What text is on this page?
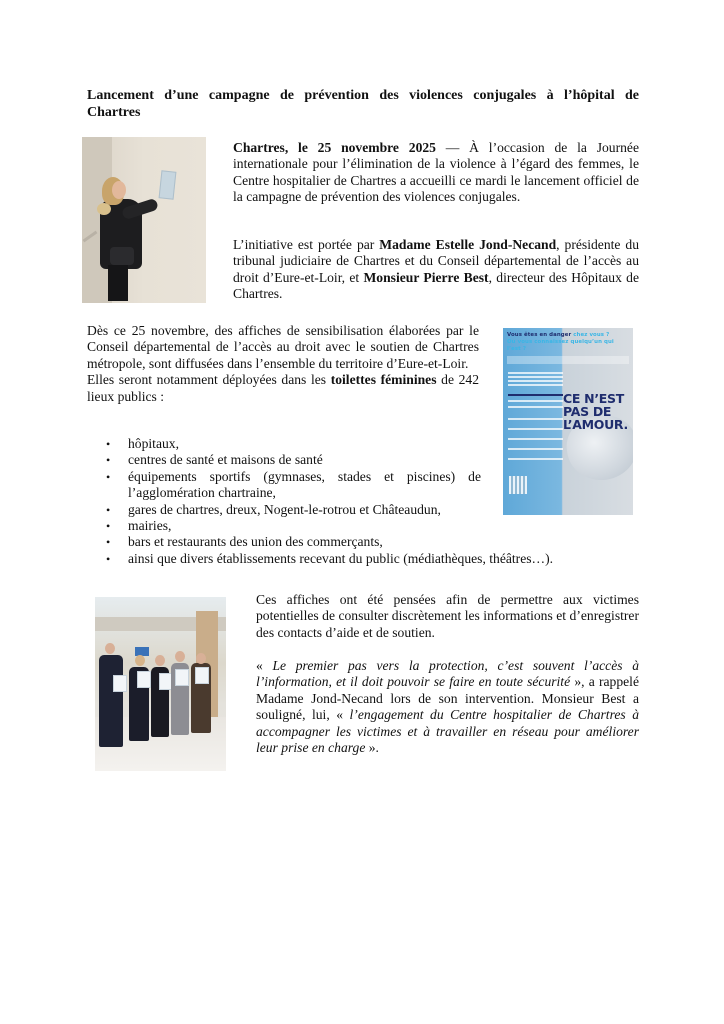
Lancement d’une campagne de prévention des violences conjugales à l’hôpital de
Chartres
Chartres, le 25 novembre 2025 — À l’occasion de la Journée internationale pour l’élimination de la violence à l’égard des femmes, le Centre hospitalier de Chartres a accueilli ce mardi le lancement officiel de la campagne de prévention des violences conjugales.
L’initiative est portée par Madame Estelle Jond-Necand, présidente du tribunal judiciaire de Chartres et du Conseil départemental de l’accès au droit d’Eure-et-Loir, et Monsieur Pierre Best, directeur des Hôpitaux de Chartres.
Dès ce 25 novembre, des affiches de sensibilisation élaborées par le Conseil départemental de l’accès au droit avec le soutien de Chartres métropole, sont diffusées dans l’ensemble du territoire d’Eure-et-Loir.
Elles seront notamment déployées dans les toilettes féminines de 242 lieux publics :
• hôpitaux,
• centres de santé et maisons de santé
• équipements sportifs (gymnases, stades et piscines) de l’agglomération chartraine,
• gares de chartres, dreux, Nogent-le-rotrou et Châteaudun,
• mairies,
• bars et restaurants des union des commerçants,
• ainsi que divers établissements recevant du public (médiathèques, théâtres…).
Vous êtes en danger chez vous ?
Ou vous connaissez quelqu’un qui l’est ?
CE N’EST PAS DE L’AMOUR.
Ces affiches ont été pensées afin de permettre aux victimes potentielles de consulter discrètement les informations et d’enregistrer des contacts d’aide et de soutien.
« Le premier pas vers la protection, c’est souvent l’accès à l’information, et il doit pouvoir se faire en toute sécurité », a rappelé Madame Jond-Necand lors de son intervention. Monsieur Best a souligné, lui, « l’engagement du Centre hospitalier de Chartres à accompagner les victimes et à travailler en réseau pour améliorer leur prise en charge ».
